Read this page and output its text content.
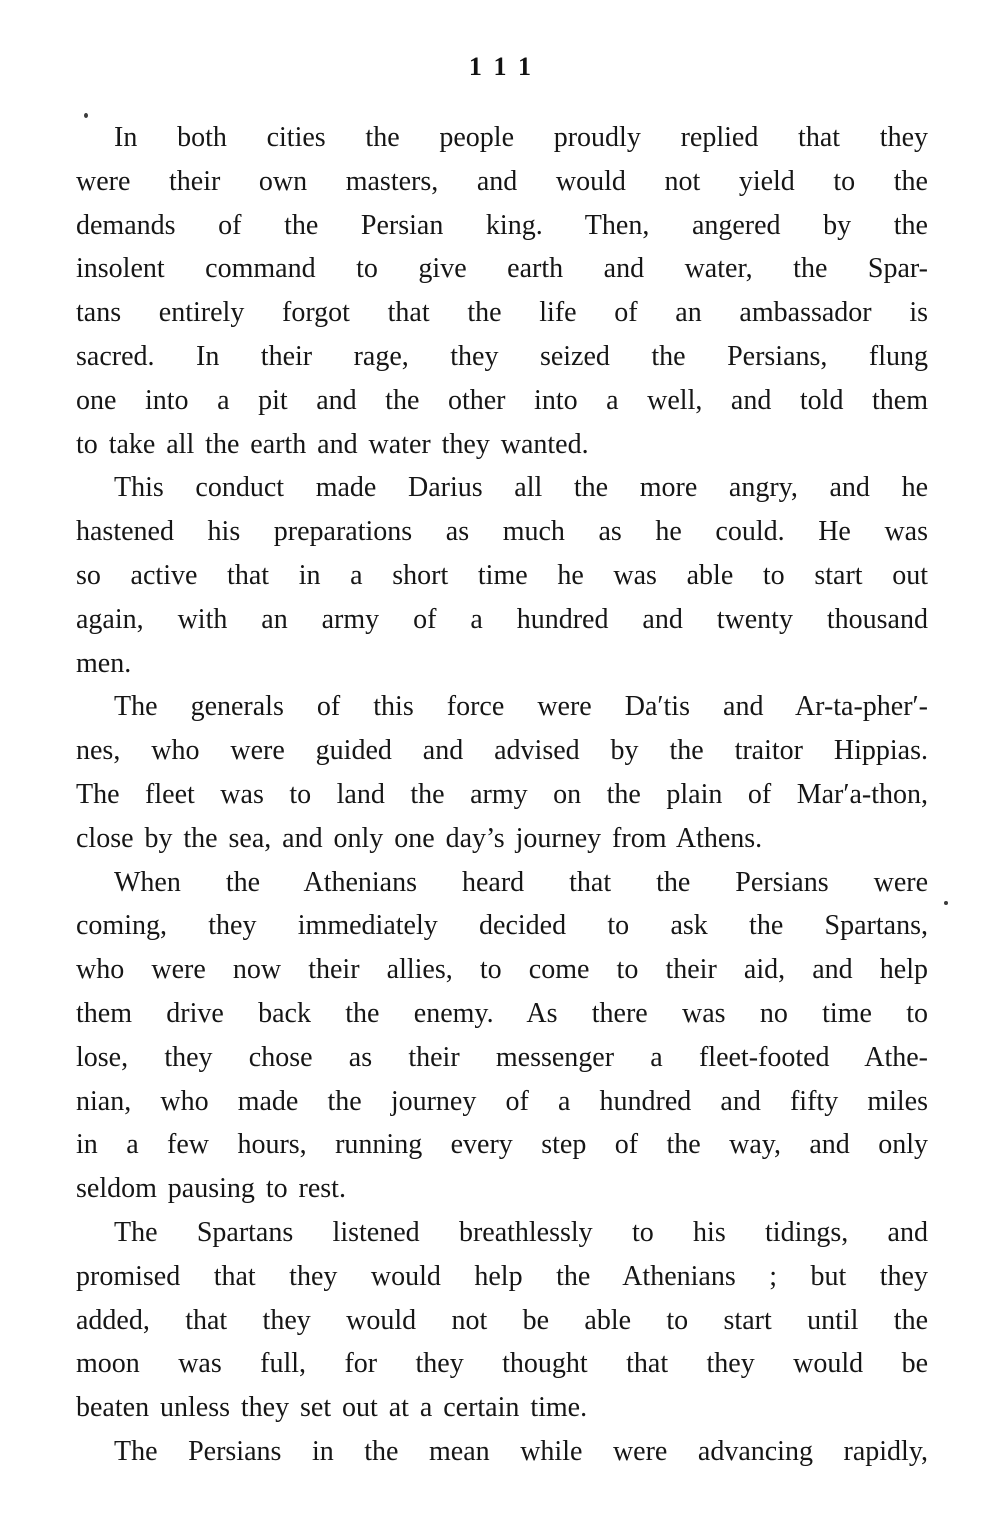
111

In both cities the people proudly replied that they
were their own masters, and would not yield to the
demands of the Persian king. Then, angered by the
insolent command to give earth and water, the Spar-
tans entirely forgot that the life of an ambassador is
sacred. In their rage, they seized the Persians, flung
one into a pit and the other into a well, and told them
to take all the earth and water they wanted.

This conduct made Darius all the more angry, and he
hastened his preparations as much as he could. He was
so active that in a short time he was able to start out
again, with an army of a hundred and twenty thousand
men.

The generals of this force were Da′tis and Ar-ta-pher′-
nes, who were guided and advised by the traitor Hippias.
The fleet was to land the army on the plain of Mar′a-thon,
close by the sea, and only one day’s journey from Athens.

When the Athenians heard that the Persians were
coming, they immediately decided to ask the Spartans,
who were now their allies, to come to their aid, and help
them drive back the enemy. As there was no time to
lose, they chose as their messenger a fleet-footed Athe-
nian, who made the journey of a hundred and fifty miles
in a few hours, running every step of the way, and only
seldom pausing to rest.

The Spartans listened breathlessly to his tidings, and
promised that they would help the Athenians ; but they
added, that they would not be able to start until the
moon was full, for they thought that they would be
beaten unless they set out at a certain time.

The Persians in the mean while were advancing rapidly,
